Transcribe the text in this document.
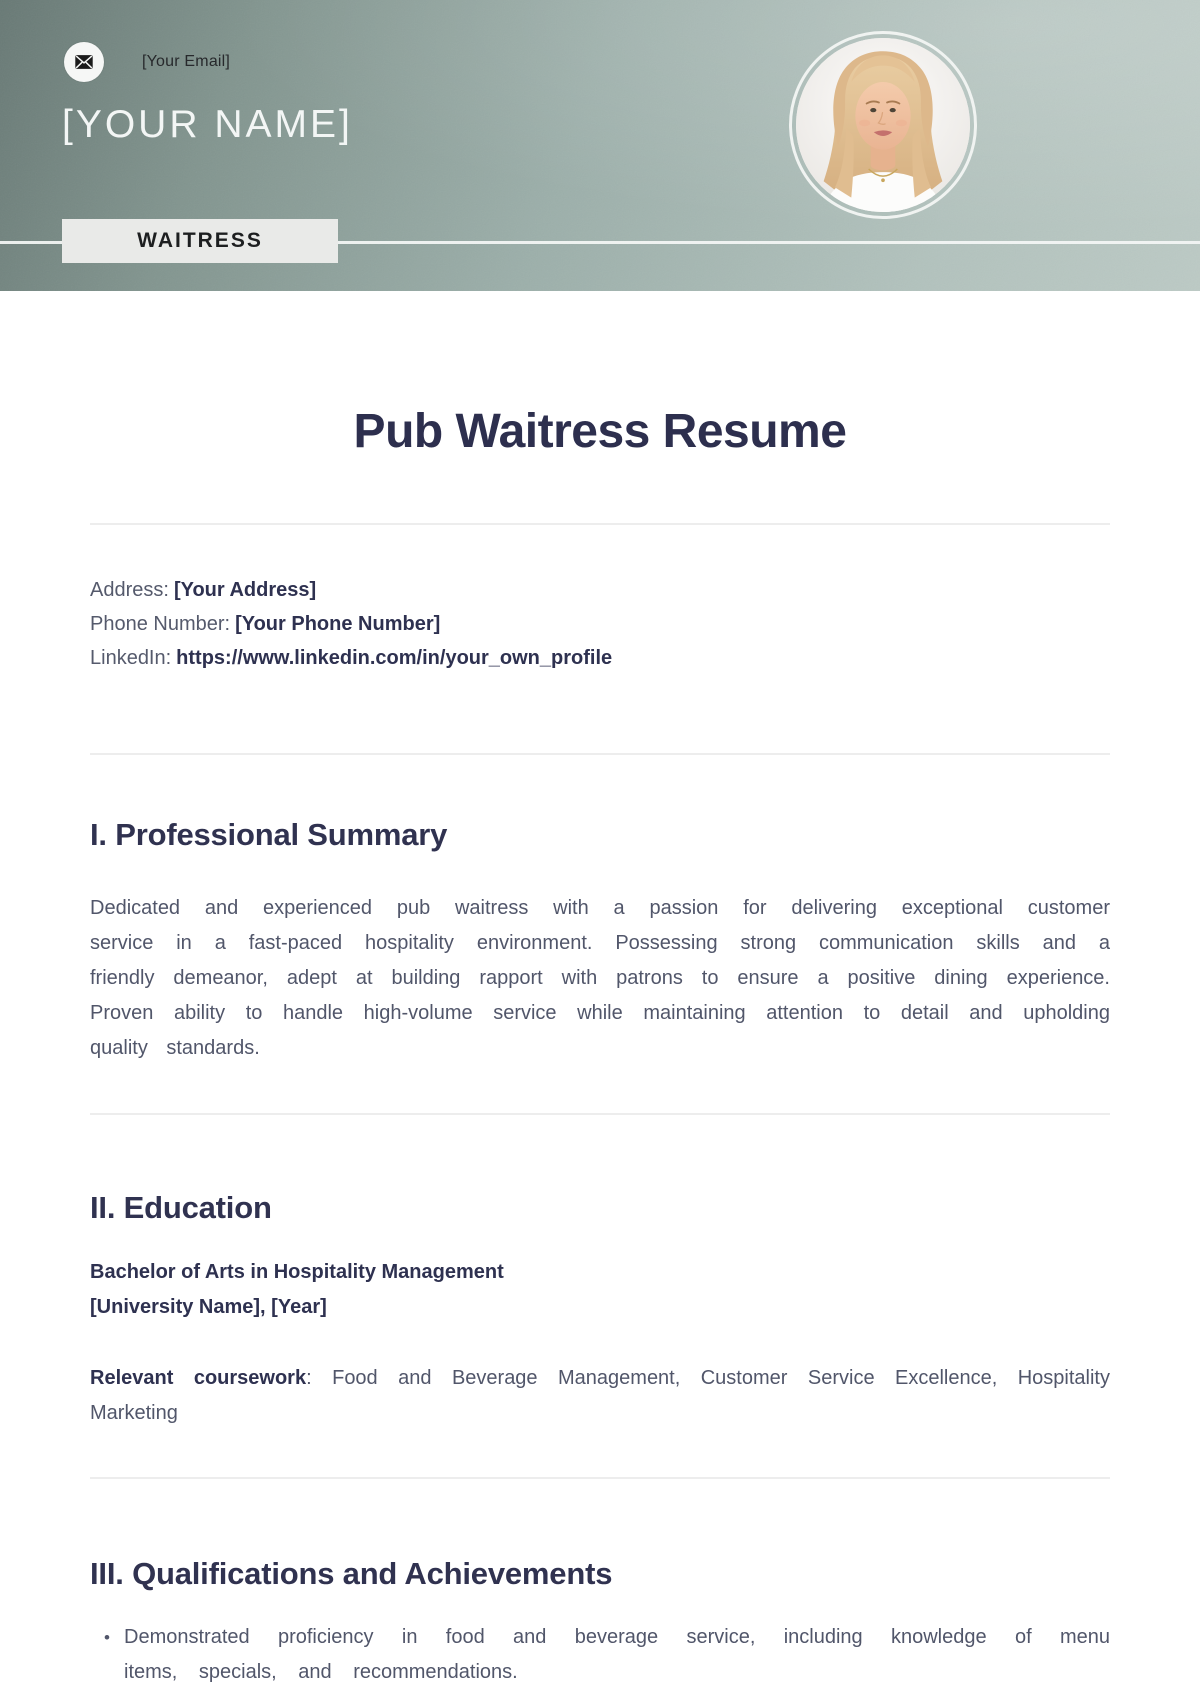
[Your Email]
[YOUR NAME]
WAITRESS
Pub Waitress Resume
Address: [Your Address]
Phone Number: [Your Phone Number]
LinkedIn: https://www.linkedin.com/in/your_own_profile
I. Professional Summary

Dedicated and experienced pub waitress with a passion for delivering exceptional customer service in a fast-paced hospitality environment. Possessing strong communication skills and a friendly demeanor, adept at building rapport with patrons to ensure a positive dining experience. Proven ability to handle high-volume service while maintaining attention to detail and upholding quality standards.

II. Education
Bachelor of Arts in Hospitality Management
[University Name], [Year]
Relevant coursework: Food and Beverage Management, Customer Service Excellence, Hospitality Marketing
III. Qualifications and Achievements
• Demonstrated proficiency in food and beverage service, including knowledge of menu items, specials, and recommendations.
